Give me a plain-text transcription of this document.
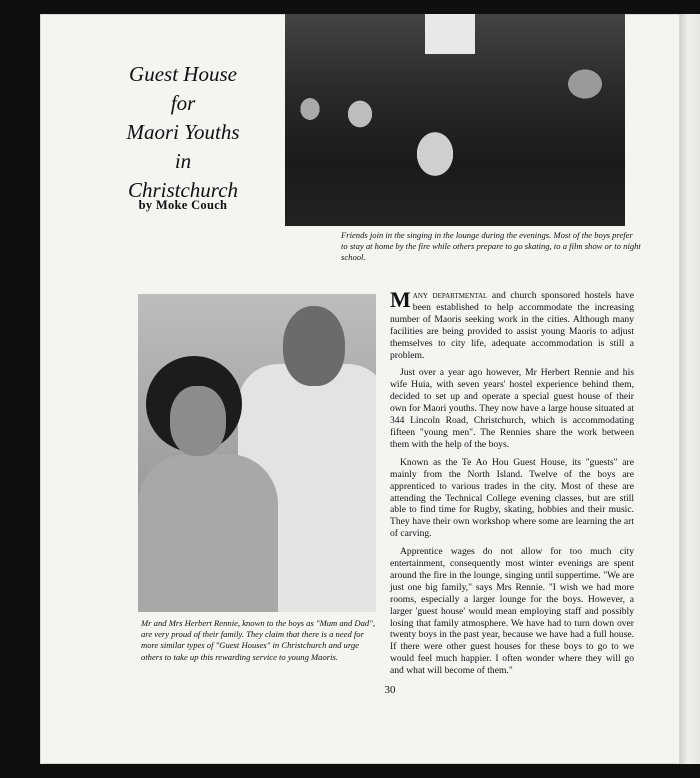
Guest House
for
Maori Youths
in
Christchurch
by Moke Couch
Friends join in the singing in the lounge during the evenings. Most of the boys prefer to stay at home by the fire while others prepare to go skating, to a film show or to night school.
Mr and Mrs Herbert Rennie, known to the boys as "Mum and Dad", are very proud of their family. They claim that there is a need for more similar types of "Guest Houses" in Christchurch and urge others to take up this rewarding service to young Maoris.

Many departmental and church sponsored hostels have been established to help accommodate the increasing number of Maoris seeking work in the cities. Although many facilities are being provided to assist young Maoris to adjust themselves to city life, adequate accommodation is still a problem.

Just over a year ago however, Mr Herbert Rennie and his wife Huia, with seven years' hostel experience behind them, decided to set up and operate a special guest house of their own for Maori youths. They now have a large house situated at 344 Lincoln Road, Christchurch, which is accommodating fifteen "young men". The Rennies share the work between them with the help of the boys.

Known as the Te Ao Hou Guest House, its "guests" are mainly from the North Island. Twelve of the boys are apprenticed to various trades in the city. Most of these are attending the Technical College evening classes, but are still able to find time for Rugby, skating, hobbies and their music. They have their own workshop where some are learning the art of carving.

Apprentice wages do not allow for too much city entertainment, consequently most winter evenings are spent around the fire in the lounge, singing until suppertime. "We are just one big family," says Mrs Rennie. "I wish we had more rooms, especially a larger lounge for the boys. However, a larger 'guest house' would mean employing staff and possibly losing that family atmosphere. We have had to turn down over twenty boys in the past year, because we have had a full house. If there were other guest houses for these boys to go to we would feel much happier. I often wonder where they will go and what will become of them."

30
